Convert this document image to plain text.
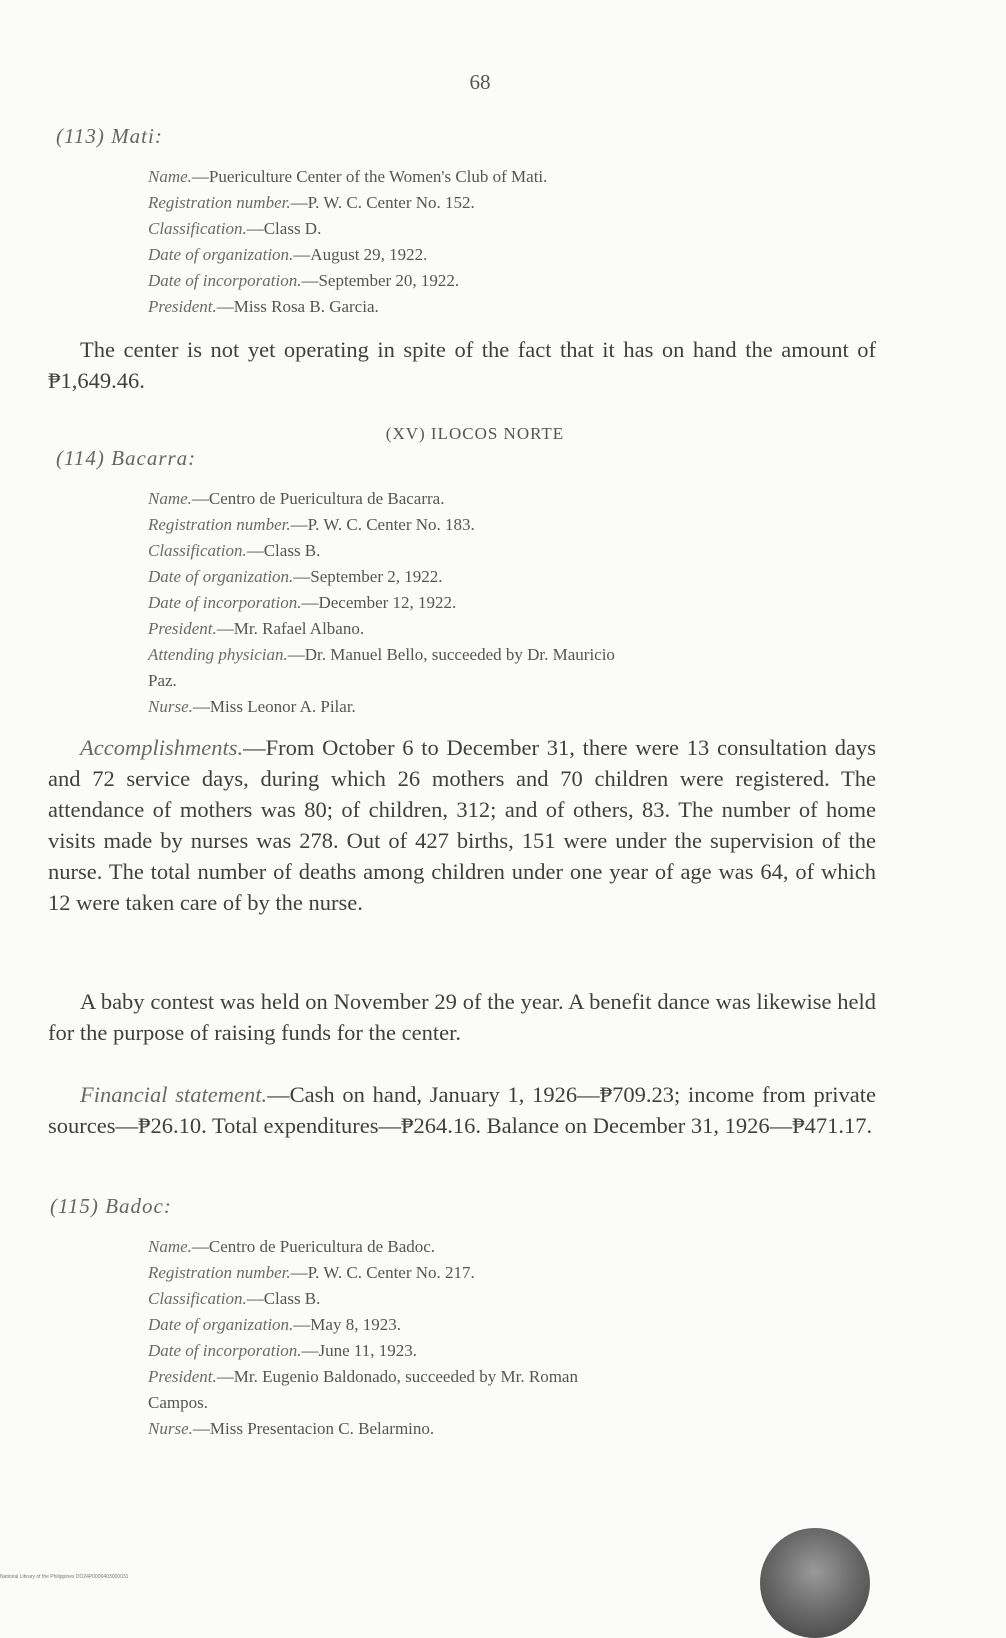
68
(113) Mati:

Name.—Puericulture Center of the Women's Club of Mati.

Registration number.—P. W. C. Center No. 152.

Classification.—Class D.

Date of organization.—August 29, 1922.

Date of incorporation.—September 20, 1922.

President.—Miss Rosa B. Garcia.

The center is not yet operating in spite of the fact that it has on hand the amount of ₱1,649.46.

(XV) ILOCOS NORTE
(114) Bacarra:

Name.—Centro de Puericultura de Bacarra.

Registration number.—P. W. C. Center No. 183.

Classification.—Class B.

Date of organization.—September 2, 1922.

Date of incorporation.—December 12, 1922.

President.—Mr. Rafael Albano.

Attending physician.—Dr. Manuel Bello, succeeded by Dr. Mauricio

Paz.

Nurse.—Miss Leonor A. Pilar.

Accomplishments.—From October 6 to December 31, there were 13 consultation days and 72 service days, during which 26 mothers and 70 children were registered. The attendance of mothers was 80; of children, 312; and of others, 83. The number of home visits made by nurses was 278. Out of 427 births, 151 were under the supervision of the nurse. The total number of deaths among children under one year of age was 64, of which 12 were taken care of by the nurse.

A baby contest was held on November 29 of the year. A benefit dance was likewise held for the purpose of raising funds for the center.

Financial statement.—Cash on hand, January 1, 1926—₱709.23; income from private sources—₱26.10. Total expenditures—₱264.16. Balance on December 31, 1926—₱471.17.

(115) Badoc:

Name.—Centro de Puericultura de Badoc.

Registration number.—P. W. C. Center No. 217.

Classification.—Class B.

Date of organization.—May 8, 1923.

Date of incorporation.—June 11, 1923.

President.—Mr. Eugenio Baldonado, succeeded by Mr. Roman

Campos.

Nurse.—Miss Presentacion C. Belarmino.

National Library of the Philippines DO24P0000403000031
